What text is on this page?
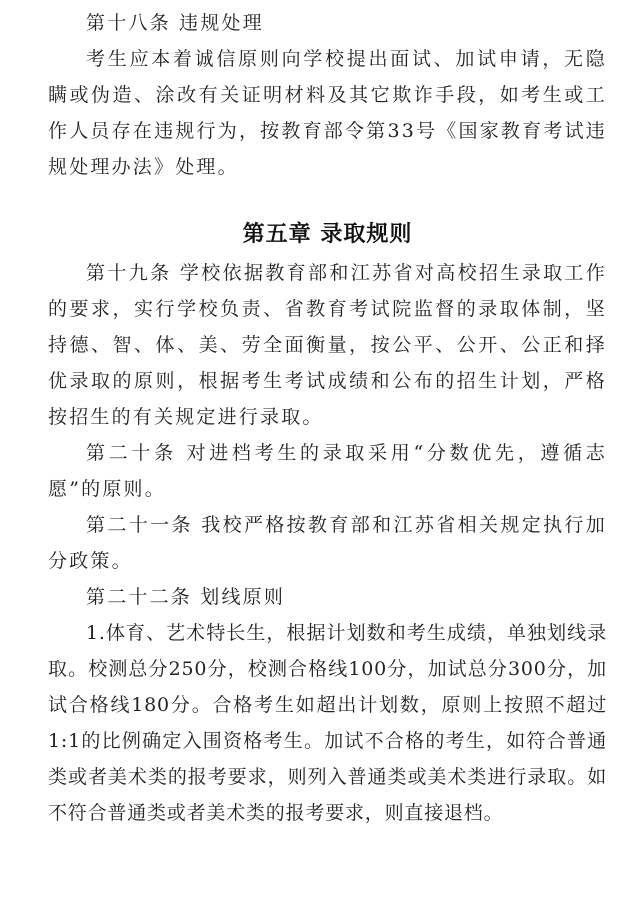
第十八条 违规处理

考生应本着诚信原则向学校提出面试、加试申请，无隐瞒或伪造、涂改有关证明材料及其它欺诈手段，如考生或工作人员存在违规行为，按教育部令第33号《国家教育考试违规处理办法》处理。

第五章 录取规则

第十九条 学校依据教育部和江苏省对高校招生录取工作的要求，实行学校负责、省教育考试院监督的录取体制，坚持德、智、体、美、劳全面衡量，按公平、公开、公正和择优录取的原则，根据考生考试成绩和公布的招生计划，严格按招生的有关规定进行录取。

第二十条 对进档考生的录取采用“分数优先，遵循志愿”的原则。

第二十一条 我校严格按教育部和江苏省相关规定执行加分政策。

第二十二条 划线原则

1.体育、艺术特长生，根据计划数和考生成绩，单独划线录取。校测总分250分，校测合格线100分，加试总分300分，加试合格线180分。合格考生如超出计划数，原则上按照不超过1:1的比例确定入围资格考生。加试不合格的考生，如符合普通类或者美术类的报考要求，则列入普通类或美术类进行录取。如不符合普通类或者美术类的报考要求，则直接退档。
